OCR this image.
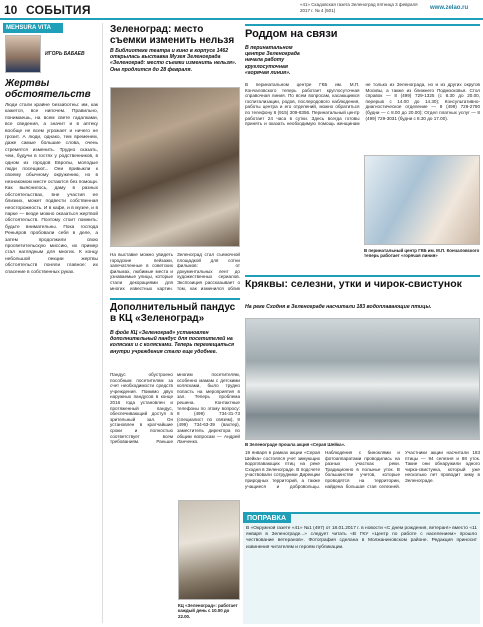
10 СОБЫТИЯ	«41» Скадовская газета Зеленоград пятница 3 февраля 2017 г. № 4 (501)	www.zelao.ru
MЕНSURA VITA
ИГОРЬ БАБАЕВ
Жертвы обстоятельств
Люди стали крайне беззаботны: им, как кажется, все нипочем. Правильно, понимаешь, на всем свете гадалками, все сведения, а значит и в аптеку вообще не всем угрожает и ничего не грозит. А люди, однако, тем временем, даже самые большие слова, очень стремятся изменить. Трудно сказать, чем, будучи в гостях у родственников, в одном из городов Европы, молодые люди посещают... Они привыкли к своему обычному окружению, но в незнакомом месте остаются без помощи. Как выяснилось, даму в разных обстоятельствах, вне участия ее близких, может подвести собственная неосторожность. И в кафе, и в музее, и в парке — везде можно оказаться жертвой обстоятельств. Поэтому стоит помнить: будьте внимательны. Пока господа Реньяров пробовали себя в деле, а затем продолжили свою просветительскую миссию, их пример стал наглядным для многих. К концу небольшой лекции жертвы обстоятельств поняли главное: их спасение в собственных руках.
Зеленоград: место съемки изменить нельзя
В Библиотеке театра и кино в корпусе 1462 открылась выставка Музея Зеленограда «Зеленоград: место съемки изменить нельзя». Она продлится до 28 февраля.
На выставке можно увидеть городские пейзажи, запечатленные в советских фильмах, любимые места и узнаваемые улицы, которые стали декорациями для многих известных картин. Зеленоград стал съемочной площадкой для сотни фильмов: от документальных лент до художественных сериалов. Экспозиция рассказывает о том, как изменился облик
Роддом на связи
В перинатальном центре Зеленограда начала работу круглосуточная «горячая линия».
В перинатальном центре ГКБ им. М.П. Кончаловского теперь работает круглосуточная справочная линия. По всем вопросам, касающимся госпитализации, родов, послеродового наблюдения, работы центра и его отделений, можно обратиться по телефону 8 (915) 309-8356. Перинатальный центр работает 24 часа в сутки. Здесь всегда готовы принять и оказать необходимую помощь женщинам не только из Зеленограда, но и из других округов Москвы, а также из ближнего Подмосковья. Стол справок — 8 (499) 729-1325 (с 8.30 до 20.00, перерыв с 14.00 до 14.30); Консультативно-диагностическое отделение — 8 (499) 729-2790 (будни — с 8.00 до 20.00); Отдел платных услуг — 8 (499) 729-3031 (будни с 8.30 до 17.00).
В перинатальный центр ГКБ им. М.П. Кончаловского теперь работает «горячая линия»
Дополнительный пандус в КЦ «Зеленоград»
В фойе КЦ «Зеленоград» установлен дополнительный пандус для посетителей на колясках и с колясками. Теперь перемещаться внутри учреждения стало еще удобнее.
Пандус обустроено пособным посетителям за счет необходимости средств учреждения. Помимо двух наружных пандусов в конце 2016 года установлен и протяженный пандус, обеспечивающий доступ в зрительный зал. Он установлен в кратчайшие сроки и полностью соответствует всем требованиям. Раньше многим посетителям, особенно мамам с детскими колясками, было трудно попасть на мероприятия в зал. Теперь проблема решена. Контактные телефоны по этому вопросу: 8 (499) 734-31-73 (специалист по связям), 8 (499) 734-63-39 (вахтер), заместитель директора по общим вопросам — Андрей Ланченко.
КЦ «Зеленоград»: работает каждый день с 10.00 до 22.00.
Кряквы: селезни, утки и чирок-свистунок
На реке Сходня в Зеленограде насчитали 183 водоплавающие птицы.
В Зеленограде прошла акция «Серая Шейка».
19 января в рамках акции «Серая Шейка» состоялся учет зимующих водоплавающих птиц на реке Сходня в Зеленограде. В подсчете участвовали сотрудники Дирекции природных территорий, а также учащиеся и добровольцы. Наблюдения с биноклями и фотоаппаратами проводились на разных участках реки. Традиционно в полынье уток. В большинстве учетов, которые проводятся на территории, найдена большая стая селезней. Участники акции насчитали 183 птицы — 94 селезня и 88 уток. Такие они обнаружили одного чирка-свистунка, который уже несколько лет проводит зиму в Зеленограде.
ПОПРАВКА
В «Окружной газете «41» №1 (497) от 18.01.2017 г. в новости «С днем рождения, ветеран!» вместо «11 января в Зеленограде...» следует читать «В ГКУ «Центр по работе с населением» прошло чествование ветеранов». Фотография сделана в Молжаниновском районе. Редакция приносит извинения читателям и героям публикации.
